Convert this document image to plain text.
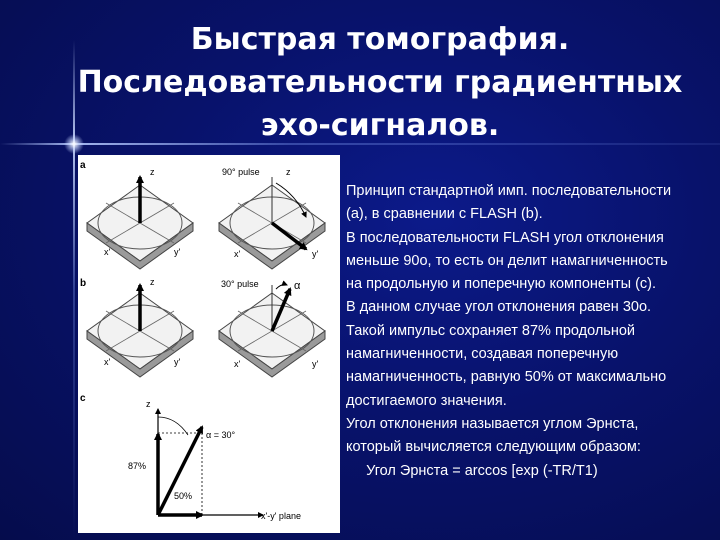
Быстрая томография.
Последовательности градиентных
эхо-сигналов.
a
z	90° pulse	z
x'	y'	x'	y'
b	z	30° pulse	α
x'	y'	x'	y'
c	z
α = 30°
87%
50%
x'-y' plane
Принцип стандартной имп. последовательности
(a), в сравнении с FLASH (b).
В последовательности FLASH угол отклонения
меньше 90о, то есть он делит намагниченность
на продольную и поперечную компоненты (c).
В данном случае угол отклонения равен 30о.
Такой импульс сохраняет 87% продольной
намагниченности, создавая поперечную
намагниченность, равную 50% от максимально
достигаемого значения.
Угол отклонения называется углом Эрнста,
который вычисляется следующим образом:
Угол Эрнста = arccos [exp (-TR/T1)
